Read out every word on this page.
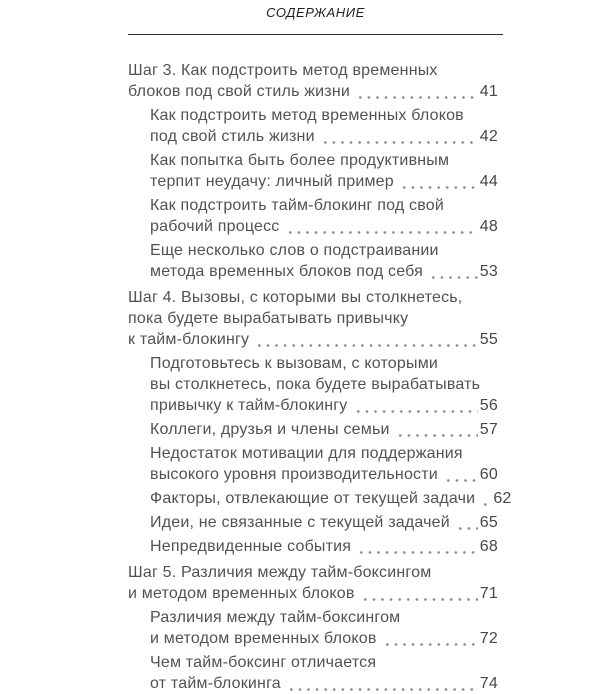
СОДЕРЖАНИЕ
Шаг 3. Как подстроить метод временных
блоков под свой стиль жизни	41
Как подстроить метод временных блоков
под свой стиль жизни	42
Как попытка быть более продуктивным
терпит неудачу: личный пример	44
Как подстроить тайм-блокинг под свой
рабочий процесс	48
Еще несколько слов о подстраивании
метода временных блоков под себя	53
Шаг 4. Вызовы, с которыми вы столкнетесь,
пока будете вырабатывать привычку
к тайм-блокингу	55
Подготовьтесь к вызовам, с которыми
вы столкнетесь, пока будете вырабатывать
привычку к тайм-блокингу	56
Коллеги, друзья и члены семьи	57
Недостаток мотивации для поддержания
высокого уровня производительности	60
Факторы, отвлекающие от текущей задачи 62
Идеи, не связанные с текущей задачей 65
Непредвиденные события	68
Шаг 5. Различия между тайм-боксингом
и методом временных блоков	71
Различия между тайм-боксингом
и методом временных блоков	72
Чем тайм-боксинг отличается
от тайм-блокинга	74
